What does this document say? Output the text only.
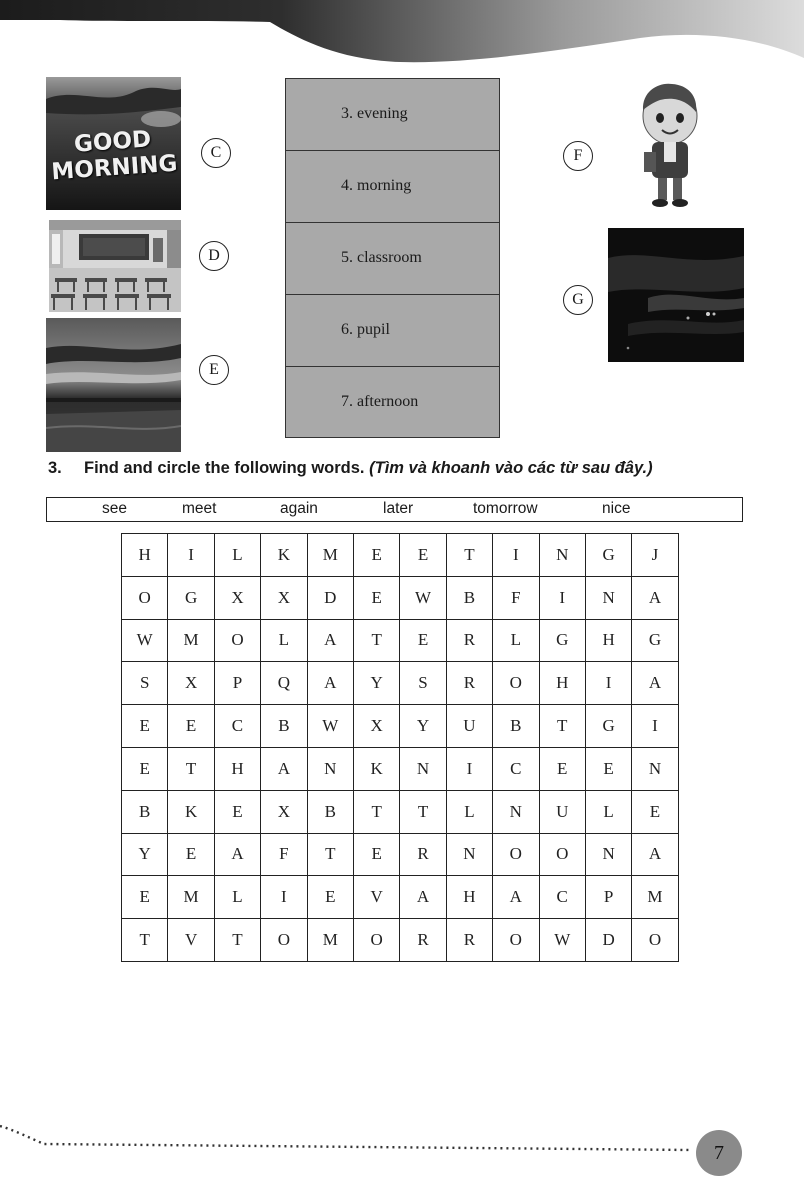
GOOD
MORNING	C
D
E
F
G
3. evening
4. morning
5. classroom
6. pupil
7. afternoon
3. Find and circle the following words. (Tìm và khoanh vào các từ sau đây.)
see	meet	again	later	tomorrow	nice
H	I	L	K	M	E	E	T	I	N	G	J
O	G	X	X	D	E	W	B	F	I	N	A
W	M	O	L	A	T	E	R	L	G	H	G
S	X	P	Q	A	Y	S	R	O	H	I	A
E	E	C	B	W	X	Y	U	B	T	G	I
E	T	H	A	N	K	N	I	C	E	E	N
B	K	E	X	B	T	T	L	N	U	L	E
Y	E	A	F	T	E	R	N	O	O	N	A
E	M	L	I	E	V	A	H	A	C	P	M
T	V	T	O	M	O	R	R	O	W	D	O
7
